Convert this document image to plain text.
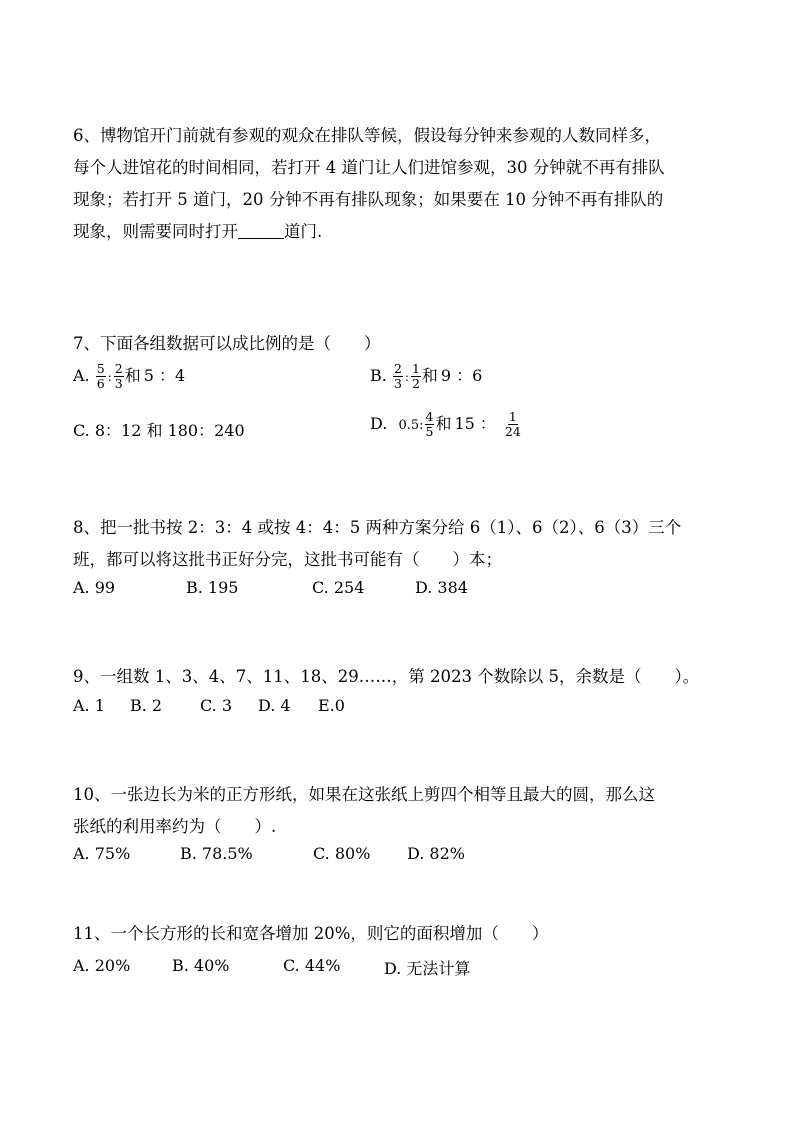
6、博物馆开门前就有参观的观众在排队等候，假设每分钟来参观的人数同样多，
每个人进馆花的时间相同，若打开 4 道门让人们进馆参观，30 分钟就不再有排队
现象；若打开 5 道门，20 分钟不再有排队现象；如果要在 10 分钟不再有排队的
现象，则需要同时打开	道门.
7、下面各组数据可以成比例的是（　　）
A. $\frac{5}{6}$ : $\frac{2}{3}$ 和 5 ：4	B. $\frac{2}{3}$ : $\frac{1}{2}$ 和 9 ：6
C. 8：12 和 180：240	D. 0.5: $\frac{4}{5}$ 和 15 ： $\frac{1}{24}$
8、把一批书按 2：3：4 或按 4：4：5 两种方案分给 6（1）、6（2）、6（3）三个
班，都可以将这批书正好分完，这批书可能有（　　）本；
A. 99	B. 195	C. 254	D. 384
9、一组数 1、3、4、7、11、18、29……，第 2023 个数除以 5，余数是（　　）。
A. 1 B. 2 C. 3 D. 4 E.0
10、一张边长为米的正方形纸，如果在这张纸上剪四个相等且最大的圆，那么这
张纸的利用率约为（　　）.
A. 75%	B. 78.5%	C. 80% D. 82%
11、一个长方形的长和宽各增加 20%，则它的面积增加（　　）
A. 20%	B. 40%	C. 44%	D. 无法计算
